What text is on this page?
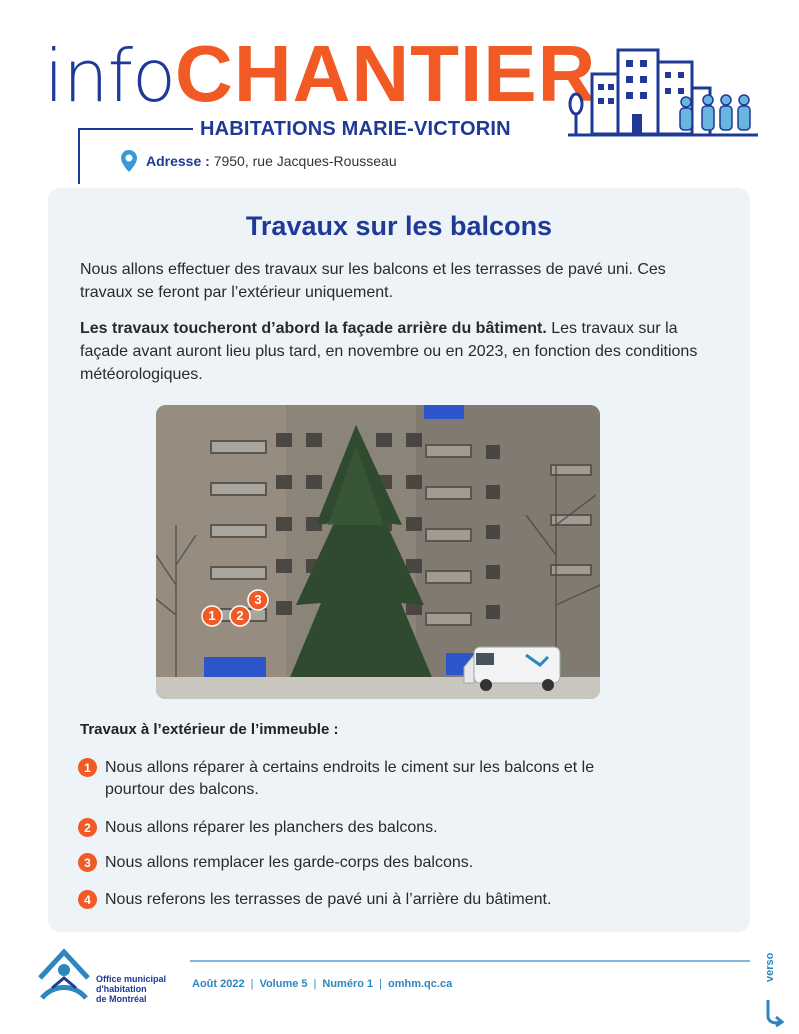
infoCHANTIER
HABITATIONS MARIE-VICTORIN
Adresse : 7950, rue Jacques-Rousseau
Travaux sur les balcons
Nous allons effectuer des travaux sur les balcons et les terrasses de pavé uni. Ces travaux se feront par l’extérieur uniquement.
Les travaux toucheront d’abord la façade arrière du bâtiment. Les travaux sur la façade avant auront lieu plus tard, en novembre ou en 2023, en fonction des conditions météorologiques.
1 2
3
Travaux à l’extérieur de l’immeuble :
1 Nous allons réparer à certains endroits le ciment sur les balcons et le pourtour des balcons.
2 Nous allons réparer les planchers des balcons.
3 Nous allons remplacer les garde-corps des balcons.
4 Nous referons les terrasses de pavé uni à l’arrière du bâtiment.
Office municipal
d'habitation
de Montréal
Août 2022 | Volume 5 | Numéro 1 | omhm.qc.ca
verso
